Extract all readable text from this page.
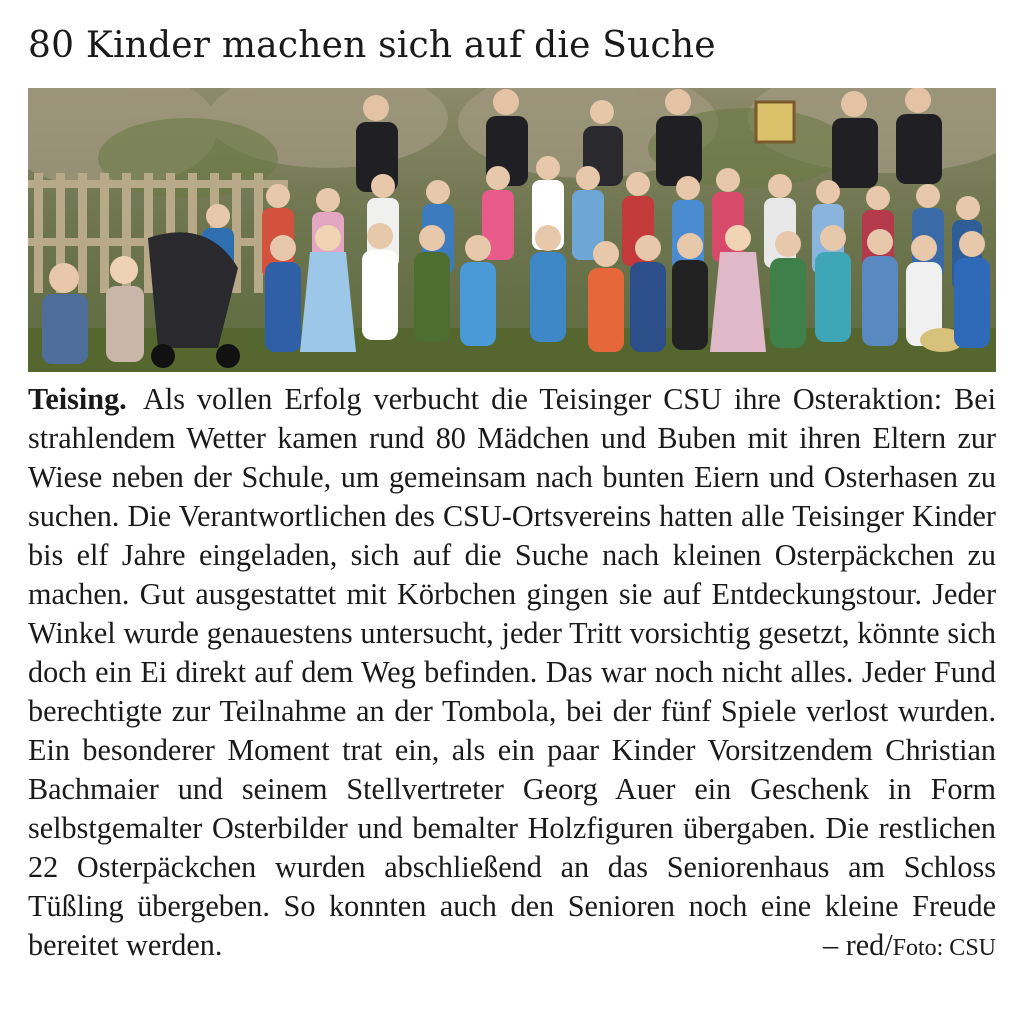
80 Kinder machen sich auf die Suche

Teising. Als vollen Erfolg verbucht die Teisinger CSU ihre Osteraktion: Bei strahlendem Wetter kamen rund 80 Mädchen und Buben mit ihren Eltern zur Wiese neben der Schule, um gemeinsam nach bunten Eiern und Osterhasen zu suchen. Die Verantwortlichen des CSU-Ortsvereins hatten alle Teisinger Kinder bis elf Jahre eingeladen, sich auf die Suche nach kleinen Osterpäckchen zu machen. Gut ausgestattet mit Körbchen gingen sie auf Entdeckungstour. Jeder Winkel wurde genauestens untersucht, jeder Tritt vorsichtig gesetzt, könnte sich doch ein Ei direkt auf dem Weg befinden. Das war noch nicht alles. Jeder Fund berechtigte zur Teilnahme an der Tombola, bei der fünf Spiele verlost wurden. Ein besonderer Moment trat ein, als ein paar Kinder Vorsitzendem Christian Bachmaier und seinem Stellvertreter Georg Auer ein Geschenk in Form selbstgemalter Osterbilder und bemalter Holzfiguren übergaben. Die restlichen 22 Osterpäckchen wurden abschließend an das Seniorenhaus am Schloss Tüßling übergeben. So konnten auch den Senioren noch eine kleine Freude bereitet werden.	– red/Foto: CSU
